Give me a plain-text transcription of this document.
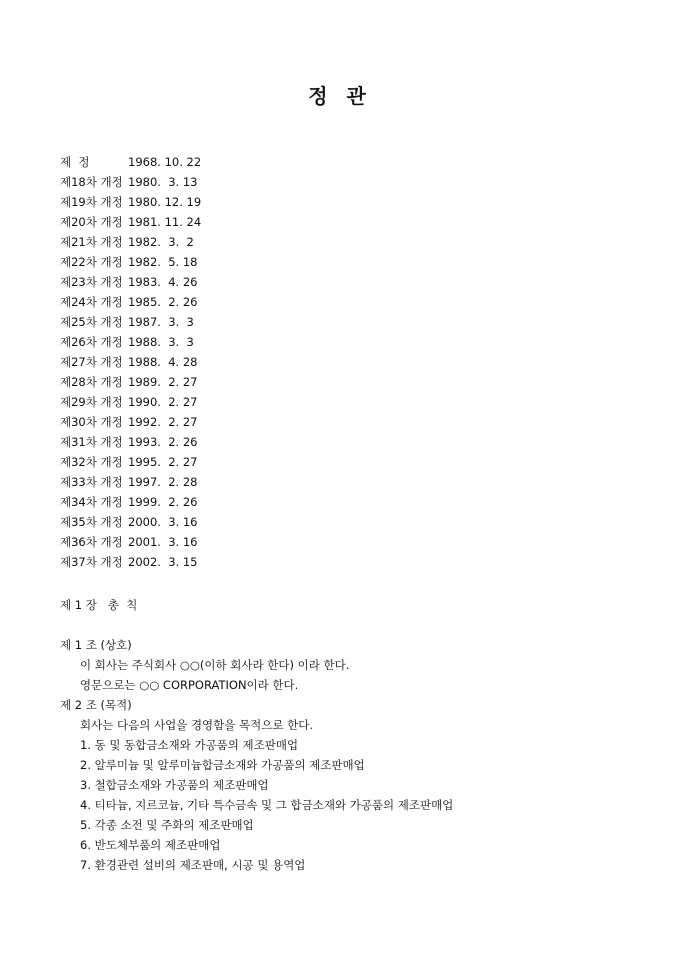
정 관
제  정	1968. 10. 22
제18차 개정 1980.  3. 13
제19차 개정 1980. 12. 19
제20차 개정 1981. 11. 24
제21차 개정 1982.  3.  2
제22차 개정 1982.  5. 18
제23차 개정 1983.  4. 26
제24차 개정 1985.  2. 26
제25차 개정 1987.  3.  3
제26차 개정 1988.  3.  3
제27차 개정 1988.  4. 28
제28차 개정 1989.  2. 27
제29차 개정 1990.  2. 27
제30차 개정 1992.  2. 27
제31차 개정 1993.  2. 26
제32차 개정 1995.  2. 27
제33차 개정 1997.  2. 28
제34차 개정 1999.  2. 26
제35차 개정 2000.  3. 16
제36차 개정 2001.  3. 16
제37차 개정 2002.  3. 15
제 1 장   총  칙
제 1 조 (상호)
이 회사는 주식회사 ○○(이하 회사라 한다) 이라 한다.
영문으로는 ○○ CORPORATION이라 한다.
제 2 조 (목적)
회사는 다음의 사업을 경영함을 목적으로 한다.
1. 동 및 동합금소재와 가공품의 제조판매업
2. 알루미늄 및 알루미늄합금소재와 가공품의 제조판매업
3. 철합금소재와 가공품의 제조판매업
4. 티타늄, 지르코늄, 기타 특수금속 및 그 합금소재와 가공품의 제조판매업
5. 각종 소전 및 주화의 제조판매업
6. 반도체부품의 제조판매업
7. 환경관련 설비의 제조판매, 시공 및 용역업
